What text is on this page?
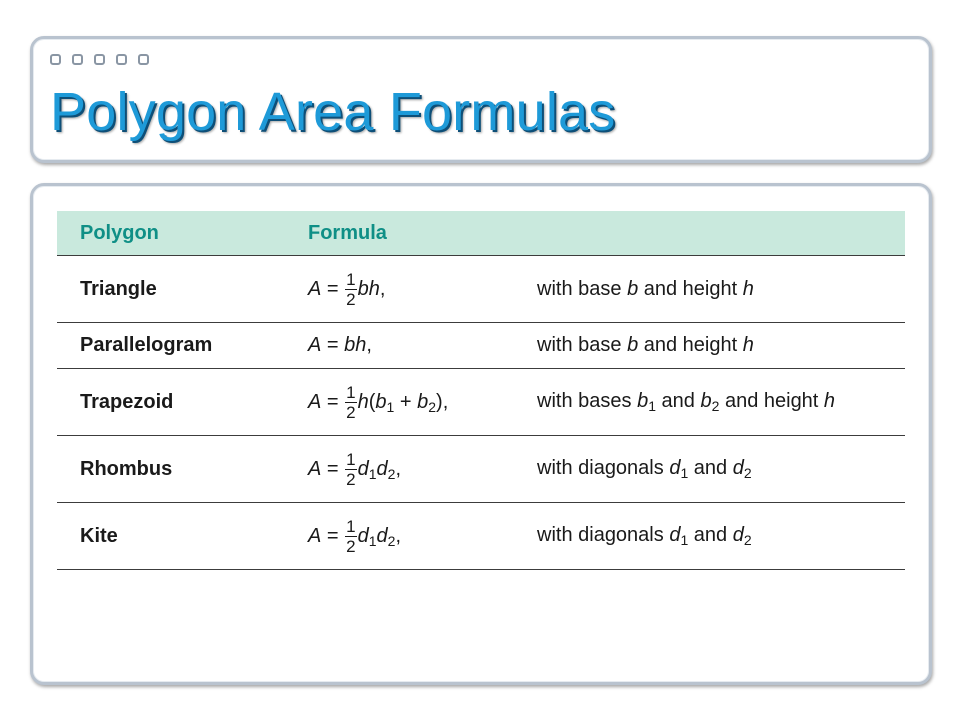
Polygon Area Formulas
Polygon	Formula	
Triangle	$A = \frac{1}{2}$ bh,	with base b and height h
Parallelogram	A = bh,	with base b and height h
Trapezoid	$A = \frac{1}{2} h(b_1 + b_2)$,	with bases $b_1$ and $b_2$ and height h
Rhombus	$A = \frac{1}{2} d_1d_2$,	with diagonals $d_1$ and $d_2$
Kite	$A = \frac{1}{2} d_1d_2$,	with diagonals $d_1$ and $d_2$
